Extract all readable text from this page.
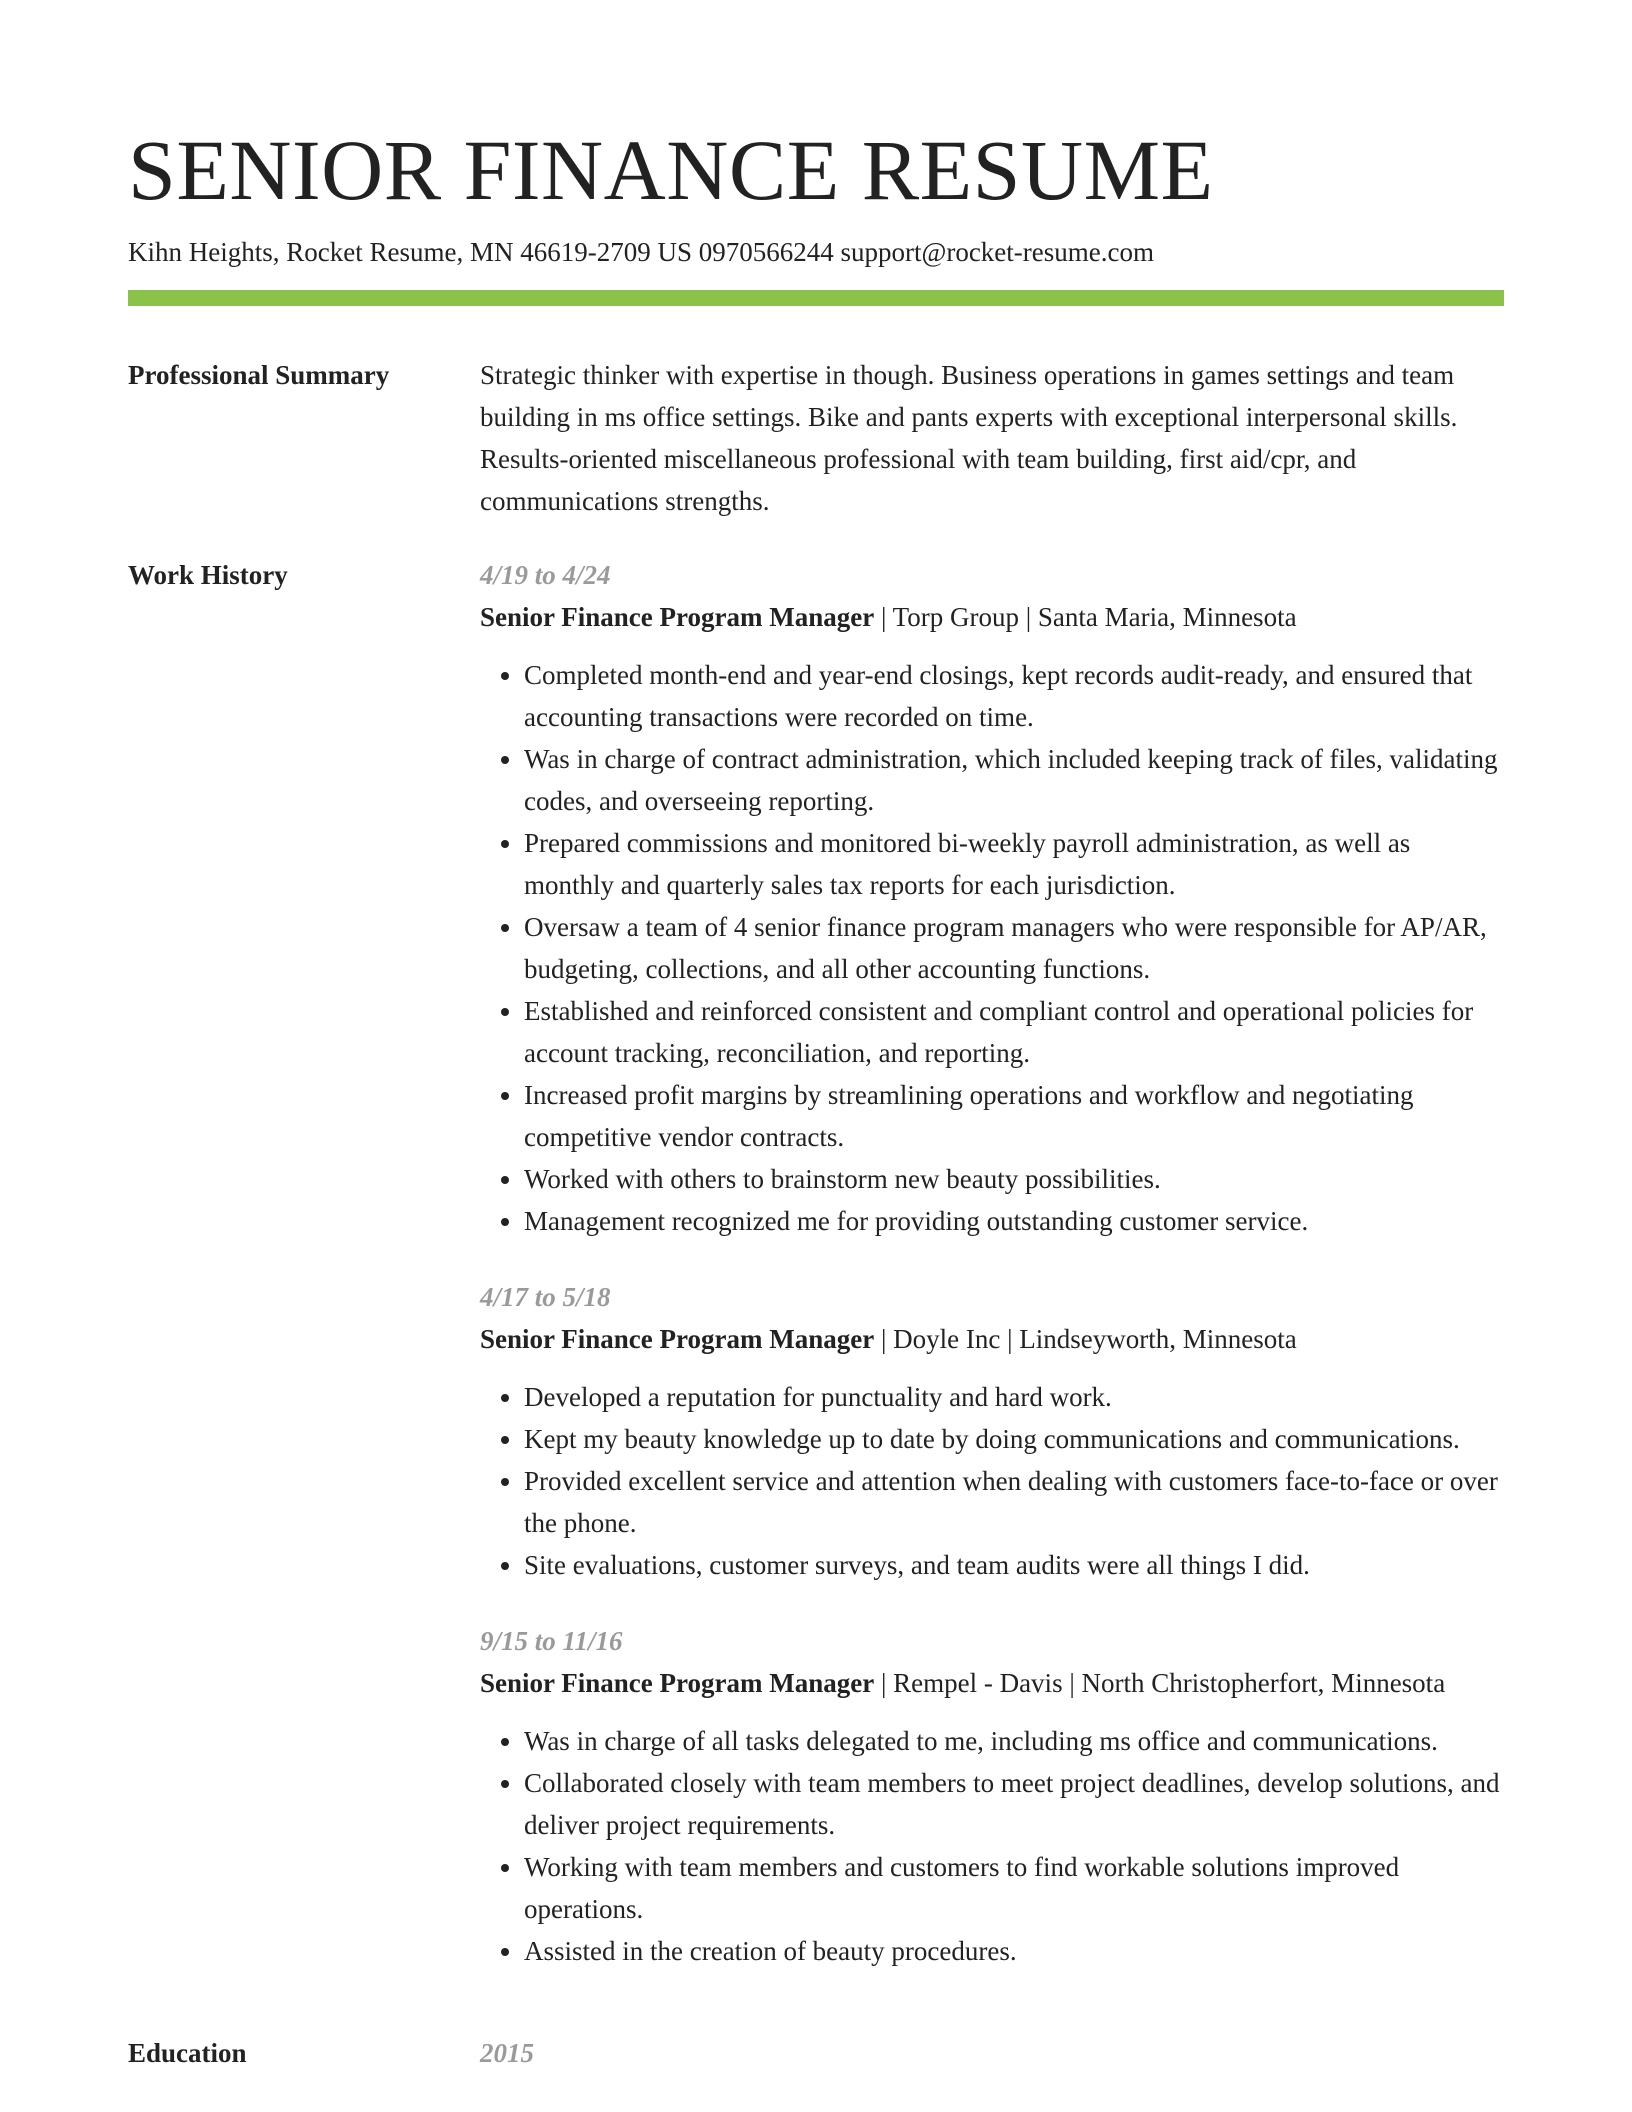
SENIOR FINANCE RESUME
Kihn Heights, Rocket Resume, MN 46619-2709 US 0970566244 support@rocket-resume.com
Professional Summary	Strategic thinker with expertise in though. Business operations in games settings and team building in ms office settings. Bike and pants experts with exceptional interpersonal skills. Results-oriented miscellaneous professional with team building, first aid/cpr, and communications strengths.
Work History	4/19 to 4/24
Senior Finance Program Manager | Torp Group | Santa Maria, Minnesota
• Completed month-end and year-end closings, kept records audit-ready, and ensured that accounting transactions were recorded on time.
• Was in charge of contract administration, which included keeping track of files, validating codes, and overseeing reporting.
• Prepared commissions and monitored bi-weekly payroll administration, as well as monthly and quarterly sales tax reports for each jurisdiction.
• Oversaw a team of 4 senior finance program managers who were responsible for AP/AR, budgeting, collections, and all other accounting functions.
• Established and reinforced consistent and compliant control and operational policies for account tracking, reconciliation, and reporting.
• Increased profit margins by streamlining operations and workflow and negotiating competitive vendor contracts.
• Worked with others to brainstorm new beauty possibilities.
• Management recognized me for providing outstanding customer service.
4/17 to 5/18
Senior Finance Program Manager | Doyle Inc | Lindseyworth, Minnesota
• Developed a reputation for punctuality and hard work.
• Kept my beauty knowledge up to date by doing communications and communications.
• Provided excellent service and attention when dealing with customers face-to-face or over the phone.
• Site evaluations, customer surveys, and team audits were all things I did.
9/15 to 11/16
Senior Finance Program Manager | Rempel - Davis | North Christopherfort, Minnesota
• Was in charge of all tasks delegated to me, including ms office and communications.
• Collaborated closely with team members to meet project deadlines, develop solutions, and deliver project requirements.
• Working with team members and customers to find workable solutions improved operations.
• Assisted in the creation of beauty procedures.
Education	2015
